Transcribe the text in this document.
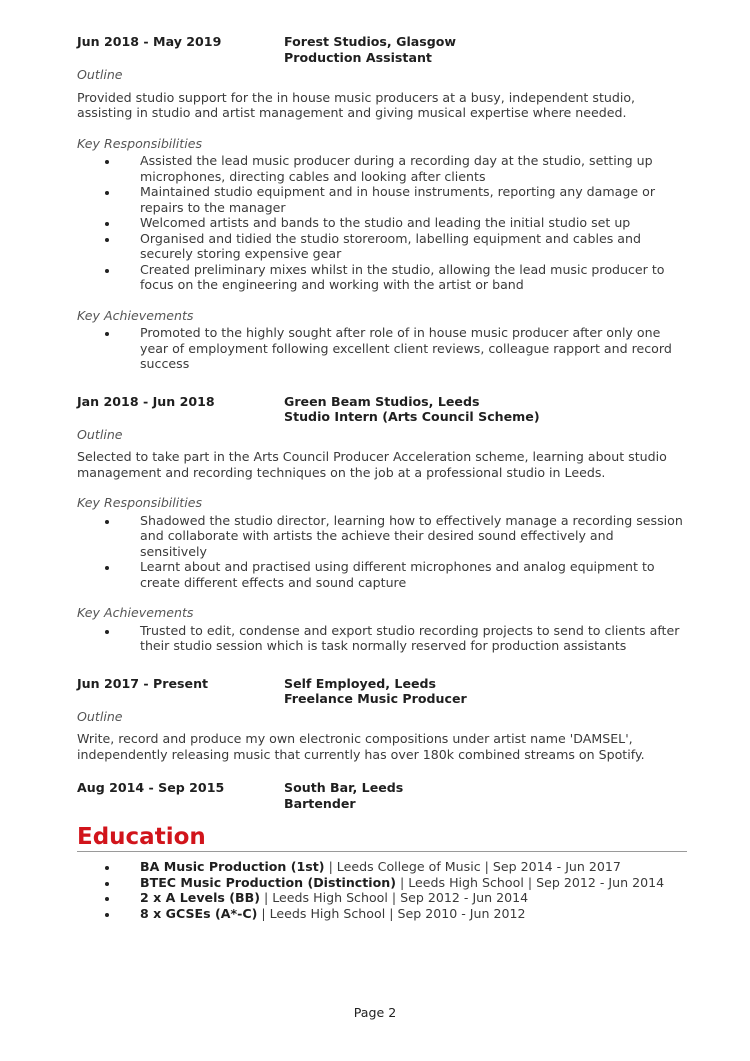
Jun 2018 - May 2019	Forest Studios, Glasgow
Production Assistant
Outline
Provided studio support for the in house music producers at a busy, independent studio, assisting in studio and artist management and giving musical expertise where needed.
Key Responsibilities
Assisted the lead music producer during a recording day at the studio, setting up microphones, directing cables and looking after clients
Maintained studio equipment and in house instruments, reporting any damage or repairs to the manager
Welcomed artists and bands to the studio and leading the initial studio set up
Organised and tidied the studio storeroom, labelling equipment and cables and securely storing expensive gear
Created preliminary mixes whilst in the studio, allowing the lead music producer to focus on the engineering and working with the artist or band
Key Achievements
Promoted to the highly sought after role of in house music producer after only one year of employment following excellent client reviews, colleague rapport and record success
Jan 2018 - Jun 2018	Green Beam Studios, Leeds
Studio Intern (Arts Council Scheme)
Outline
Selected to take part in the Arts Council Producer Acceleration scheme, learning about studio management and recording techniques on the job at a professional studio in Leeds.
Key Responsibilities
Shadowed the studio director, learning how to effectively manage a recording session and collaborate with artists the achieve their desired sound effectively and sensitively
Learnt about and practised using different microphones and analog equipment to create different effects and sound capture
Key Achievements
Trusted to edit, condense and export studio recording projects to send to clients after their studio session which is task normally reserved for production assistants
Jun 2017 - Present	Self Employed, Leeds
Freelance Music Producer
Outline
Write, record and produce my own electronic compositions under artist name 'DAMSEL', independently releasing music that currently has over 180k combined streams on Spotify.
Aug 2014 - Sep 2015	South Bar, Leeds
Bartender
Education
BA Music Production (1st) | Leeds College of Music | Sep 2014 - Jun 2017
BTEC Music Production (Distinction) | Leeds High School | Sep 2012 - Jun 2014
2 x A Levels (BB) | Leeds High School | Sep 2012 - Jun 2014
8 x GCSEs (A*-C) | Leeds High School | Sep 2010 - Jun 2012
Page 2
